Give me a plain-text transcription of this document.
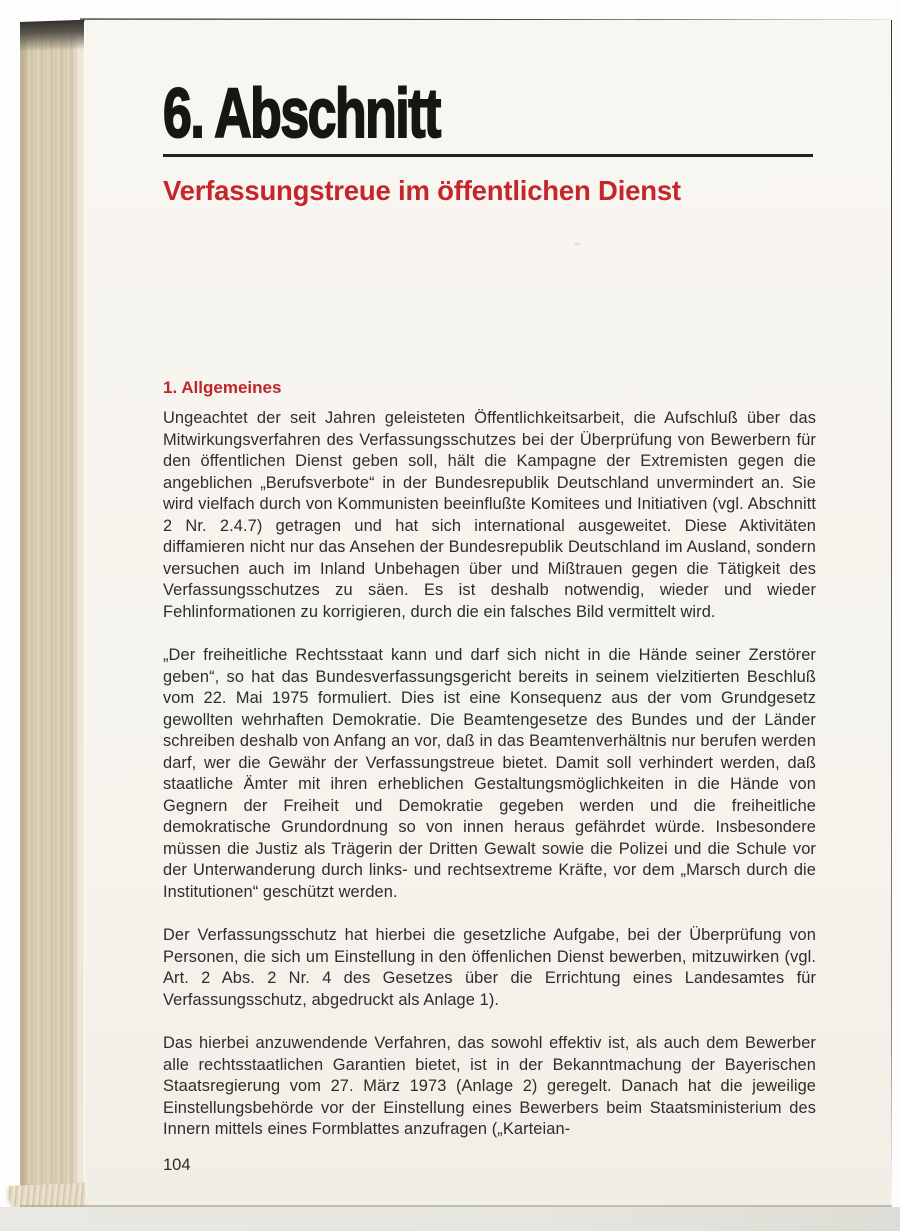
6. Abschnitt
Verfassungstreue im öffentlichen Dienst
1. Allgemeines

Ungeachtet der seit Jahren geleisteten Öffentlichkeitsarbeit, die Aufschluß über das Mitwirkungsverfahren des Verfassungsschutzes bei der Überprüfung von Bewerbern für den öffentlichen Dienst geben soll, hält die Kampagne der Extremisten gegen die angeblichen „Berufsverbote“ in der Bundesrepublik Deutschland unvermindert an. Sie wird vielfach durch von Kommunisten beeinflußte Komitees und Initiativen (vgl. Abschnitt 2 Nr. 2.4.7) getragen und hat sich international ausgeweitet. Diese Aktivitäten diffamieren nicht nur das Ansehen der Bundesrepublik Deutschland im Ausland, sondern versuchen auch im Inland Unbehagen über und Mißtrauen gegen die Tätigkeit des Verfassungsschutzes zu säen. Es ist deshalb notwendig, wieder und wieder Fehlinformationen zu korrigieren, durch die ein falsches Bild vermittelt wird.

„Der freiheitliche Rechtsstaat kann und darf sich nicht in die Hände seiner Zerstörer geben“, so hat das Bundesverfassungsgericht bereits in seinem vielzitierten Beschluß vom 22. Mai 1975 formuliert. Dies ist eine Konsequenz aus der vom Grundgesetz gewollten wehrhaften Demokratie. Die Beamtengesetze des Bundes und der Länder schreiben deshalb von Anfang an vor, daß in das Beamtenverhältnis nur berufen werden darf, wer die Gewähr der Verfassungstreue bietet. Damit soll verhindert werden, daß staatliche Ämter mit ihren erheblichen Gestaltungsmöglichkeiten in die Hände von Gegnern der Freiheit und Demokratie gegeben werden und die freiheitliche demokratische Grundordnung so von innen heraus gefährdet würde. Insbesondere müssen die Justiz als Trägerin der Dritten Gewalt sowie die Polizei und die Schule vor der Unterwanderung durch links- und rechtsextreme Kräfte, vor dem „Marsch durch die Institutionen“ geschützt werden.

Der Verfassungsschutz hat hierbei die gesetzliche Aufgabe, bei der Überprüfung von Personen, die sich um Einstellung in den öffenlichen Dienst bewerben, mitzuwirken (vgl. Art. 2 Abs. 2 Nr. 4 des Gesetzes über die Errichtung eines Landesamtes für Verfassungsschutz, abgedruckt als Anlage 1).

Das hierbei anzuwendende Verfahren, das sowohl effektiv ist, als auch dem Bewerber alle rechtsstaatlichen Garantien bietet, ist in der Bekanntmachung der Bayerischen Staatsregierung vom 27. März 1973 (Anlage 2) geregelt. Danach hat die jeweilige Einstellungsbehörde vor der Einstellung eines Bewerbers beim Staatsministerium des Innern mittels eines Formblattes anzufragen („Karteian-

104
